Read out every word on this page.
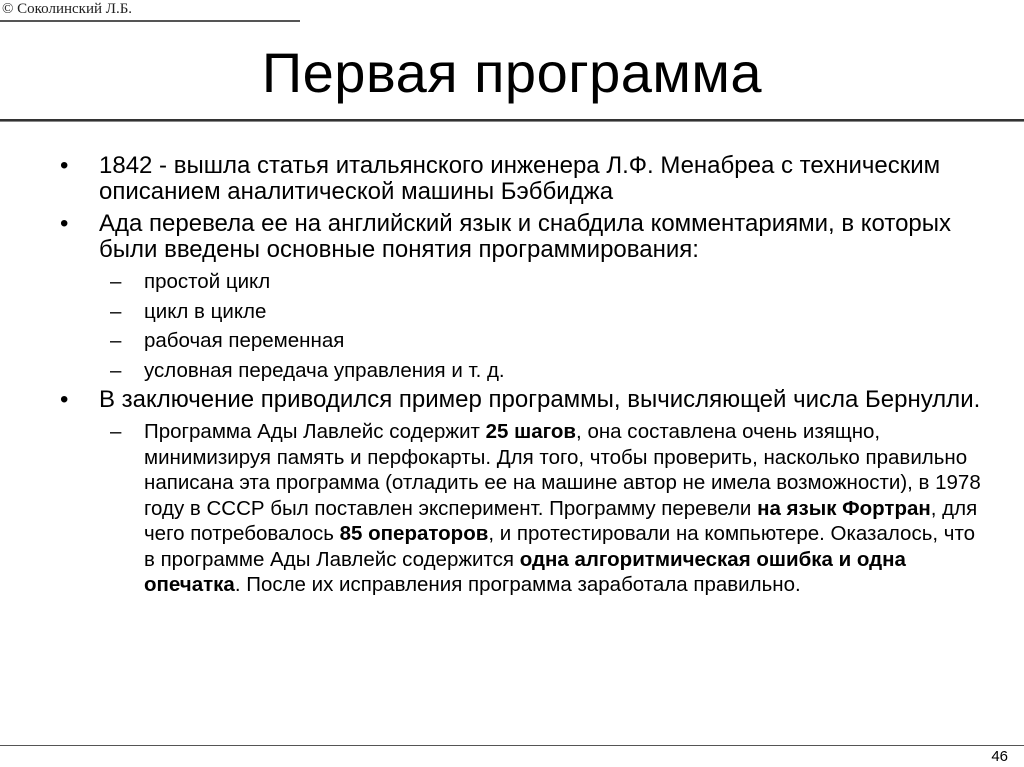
© Соколинский Л.Б.
Первая программа
• 1842 - вышла статья итальянского инженера Л.Ф. Менабреа с техническим описанием аналитической машины Бэббиджа
• Ада перевела ее на английский язык и снабдила комментариями, в которых были введены основные понятия программирования:
– простой цикл
– цикл в цикле
– рабочая переменная
– условная передача управления и т. д.
• В заключение приводился пример программы, вычисляющей числа Бернулли.
– Программа Ады Лавлейс содержит 25 шагов, она составлена очень изящно, минимизируя память и перфокарты. Для того, чтобы проверить, насколько правильно написана эта программа (отладить ее на машине автор не имела возможности), в 1978 году в СССР был поставлен эксперимент. Программу перевели на язык Фортран, для чего потребовалось 85 операторов, и протестировали на компьютере. Оказалось, что в программе Ады Лавлейс содержится одна алгоритмическая ошибка и одна опечатка. После их исправления программа заработала правильно.
46
